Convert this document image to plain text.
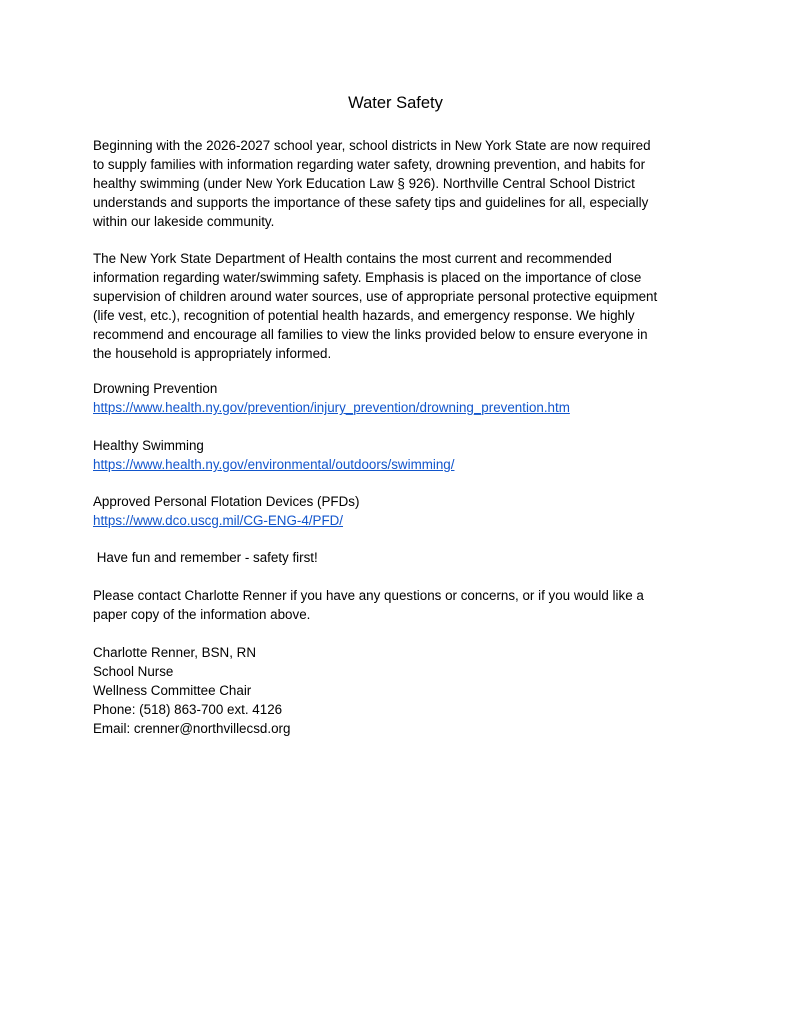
Water Safety
Beginning with the 2026-2027 school year, school districts in New York State are now required
to supply families with information regarding water safety, drowning prevention, and habits for
healthy swimming (under New York Education Law § 926). Northville Central School District
understands and supports the importance of these safety tips and guidelines for all, especially
within our lakeside community.
The New York State Department of Health contains the most current and recommended
information regarding water/swimming safety. Emphasis is placed on the importance of close
supervision of children around water sources, use of appropriate personal protective equipment
(life vest, etc.), recognition of potential health hazards, and emergency response. We highly
recommend and encourage all families to view the links provided below to ensure everyone in
the household is appropriately informed.
Drowning Prevention
https://www.health.ny.gov/prevention/injury_prevention/drowning_prevention.htm
Healthy Swimming
https://www.health.ny.gov/environmental/outdoors/swimming/
Approved Personal Flotation Devices (PFDs)
https://www.dco.uscg.mil/CG-ENG-4/PFD/
Have fun and remember - safety first!
Please contact Charlotte Renner if you have any questions or concerns, or if you would like a
paper copy of the information above.
Charlotte Renner, BSN, RN
School Nurse
Wellness Committee Chair
Phone: (518) 863-700 ext. 4126
Email: crenner@northvillecsd.org
